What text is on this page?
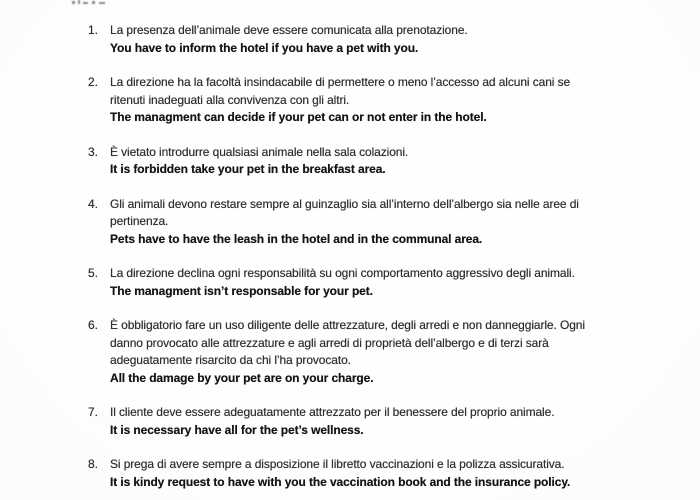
1.	La presenza dell’animale deve essere comunicata alla prenotazione.
You have to inform the hotel if you have a pet with you.
2.	La direzione ha la facoltà insindacabile di permettere o meno l’accesso ad alcuni cani se
ritenuti inadeguati alla convivenza con gli altri.
The managment can decide if your pet can or not enter in the hotel.
3.	È vietato introdurre qualsiasi animale nella sala colazioni.
It is forbidden take your pet in the breakfast area.
4.	Gli animali devono restare sempre al guinzaglio sia all’interno dell’albergo sia nelle aree di
pertinenza.
Pets have to have the leash in the hotel and in the communal area.
5.	La direzione declina ogni responsabilità su ogni comportamento aggressivo degli animali.
The managment isn’t responsable for your pet.
6.	È obbligatorio fare un uso diligente delle attrezzature, degli arredi e non danneggiarle. Ogni
danno provocato alle attrezzature e agli arredi di proprietà dell’albergo e di terzi sarà
adeguatamente risarcito da chi l’ha provocato.
All the damage by your pet are on your charge.
7.	Il cliente deve essere adeguatamente attrezzato per il benessere del proprio animale.
It is necessary have all for the pet’s wellness.
8.	Si prega di avere sempre a disposizione il libretto vaccinazioni e la polizza assicurativa.
It is kindy request to have with you the vaccination book and the insurance policy.
